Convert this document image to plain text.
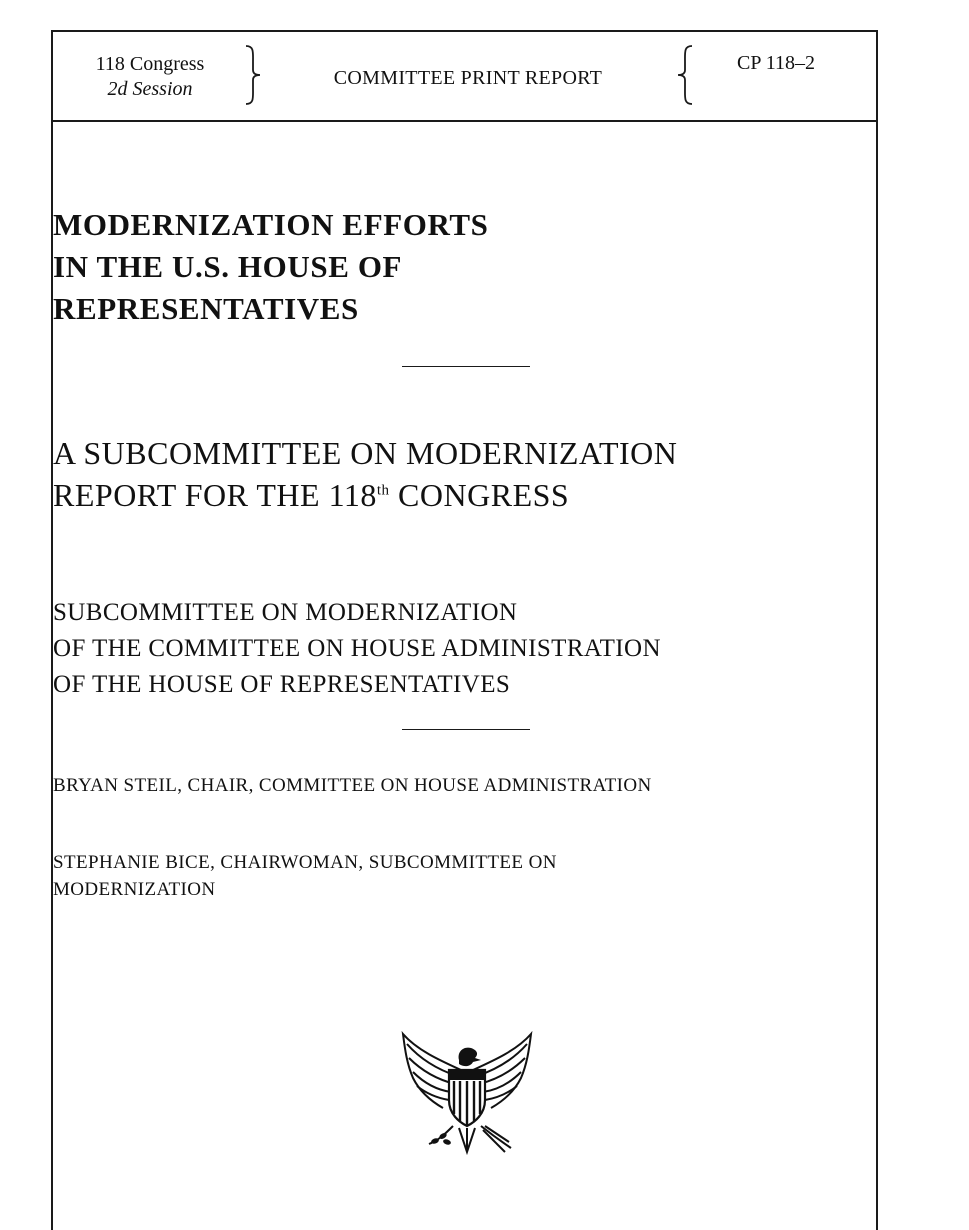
118 Congress
2d Session	COMMITTEE PRINT REPORT
CP 118–2
MODERNIZATION EFFORTS
IN THE U.S. HOUSE OF
REPRESENTATIVES
A SUBCOMMITTEE ON MODERNIZATION
REPORT FOR THE 118th CONGRESS
SUBCOMMITTEE ON MODERNIZATION
OF THE COMMITTEE ON HOUSE ADMINISTRATION
OF THE HOUSE OF REPRESENTATIVES
BRYAN STEIL, CHAIR, COMMITTEE ON HOUSE ADMINISTRATION
STEPHANIE BICE, CHAIRWOMAN, SUBCOMMITTEE ON
MODERNIZATION
